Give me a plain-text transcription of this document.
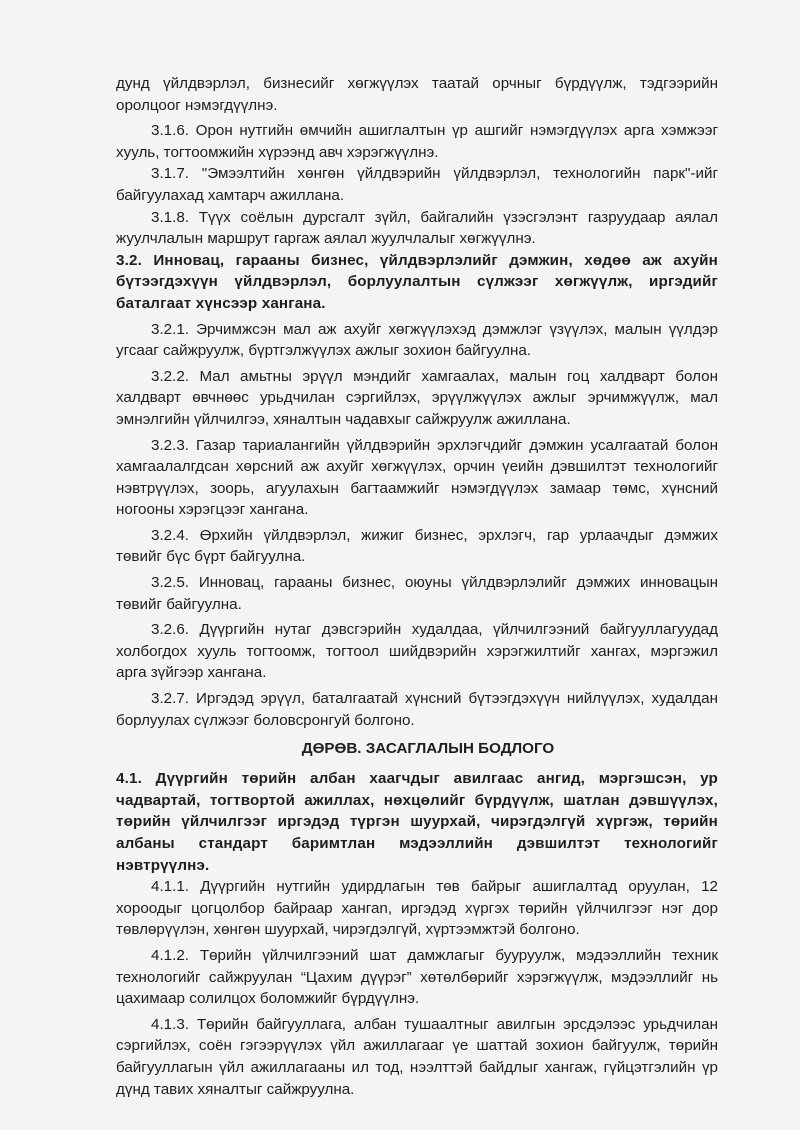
дунд үйлдвэрлэл, бизнесийг хөгжүүлэх таатай орчныг бүрдүүлж, тэдгээрийн

оролцоог нэмэгдүүлнэ.

3.1.6. Орон нутгийн өмчийн ашиглалтын үр ашгийг нэмэгдүүлэх арга хэмжээг

хууль, тогтоомжийн хүрээнд авч хэрэгжүүлнэ.

3.1.7. "Эмээлтийн хөнгөн үйлдвэрийн үйлдвэрлэл, технологийн парк"-ийг

байгуулахад хамтарч ажиллана.

3.1.8. Түүх соёлын дурсгалт зүйл, байгалийн үзэсгэлэнт газруудаар аялал

жуулчлалын маршрут гаргаж аялал жуулчлалыг хөгжүүлнэ.

3.2. Инновац, гарааны бизнес, үйлдвэрлэлийг дэмжин, хөдөө аж ахуйн

бүтээгдэхүүн үйлдвэрлэл, борлуулалтын сүлжээг хөгжүүлж, иргэдийг

баталгаат хүнсээр хангана.

3.2.1. Эрчимжсэн мал аж ахуйг хөгжүүлэхэд дэмжлэг үзүүлэх, малын үүлдэр

угсааг сайжруулж, бүртгэлжүүлэх ажлыг зохион байгуулна.

3.2.2. Мал амьтны эрүүл мэндийг хамгаалах, малын гоц халдварт болон

халдварт өвчнөөс урьдчилан сэргийлэх, эрүүлжүүлэх ажлыг эрчимжүүлж, мал

эмнэлгийн үйлчилгээ, хяналтын чадавхыг сайжруулж ажиллана.

3.2.3. Газар тариалангийн үйлдвэрийн эрхлэгчдийг дэмжин усалгаатай болон

хамгаалалгдсан хөрсний аж ахуйг хөгжүүлэх, орчин үеийн дэвшилтэт технологийг

нэвтрүүлэх, зоорь, агуулахын багтаамжийг нэмэгдүүлэх замаар төмс, хүнсний

ногооны хэрэгцээг хангана.

3.2.4. Өрхийн үйлдвэрлэл, жижиг бизнес, эрхлэгч, гар урлаачдыг дэмжих

төвийг бүс бүрт байгуулна.

3.2.5. Инновац, гарааны бизнес, оюуны үйлдвэрлэлийг дэмжих инновацын

төвийг байгуулна.

3.2.6. Дүүргийн нутаг дэвсгэрийн худалдаа, үйлчилгээний байгууллагуудад

холбогдох хууль тогтоомж, тогтоол шийдвэрийн хэрэгжилтийг хангах, мэргэжил

арга зүйгээр хангана.

3.2.7. Иргэдэд эрүүл, баталгаатай хүнсний бүтээгдэхүүн нийлүүлэх, худалдан

борлуулах сүлжээг боловсронгуй болгоно.

ДӨРӨВ. ЗАСАГЛАЛЫН БОДЛОГО

4.1. Дүүргийн төрийн албан хаагчдыг авилгаас ангид, мэргэшсэн, ур

чадвартай, тогтвортой ажиллах, нөхцөлийг бүрдүүлж, шатлан дэвшүүлэх,

төрийн үйлчилгээг иргэдэд түргэн шуурхай, чирэгдэлгүй хүргэж, төрийн

албаны стандарт баримтлан мэдээллийн дэвшилтэт технологийг

нэвтрүүлнэ.

4.1.1. Дүүргийн нутгийн удирдлагын төв байрыг ашиглалтад оруулан, 12

хороодыг цогцолбор байраар хангаn, иргэдэд хүргэх төрийн үйлчилгээг нэг дор

төвлөрүүлэн, хөнгөн шуурхай, чирэгдэлгүй, хүртээмжтэй болгоно.

4.1.2. Төрийн үйлчилгээний шат дамжлагыг бууруулж, мэдээллийн техник

технологийг сайжруулан “Цахим дүүрэг” хөтөлбөрийг хэрэгжүүлж, мэдээллийг нь

цахимаар солилцох боломжийг бүрдүүлнэ.

4.1.3. Төрийн байгууллага, албан тушаалтныг авилгын эрсдэлээс урьдчилан

сэргийлэх, соён гэгээрүүлэх үйл ажиллагааг үе шаттай зохион байгуулж, төрийн

байгууллагын үйл ажиллагааны ил тод, нээлттэй байдлыг хангаж, гүйцэтгэлийн үр

дүнд тавих хяналтыг сайжруулна.
